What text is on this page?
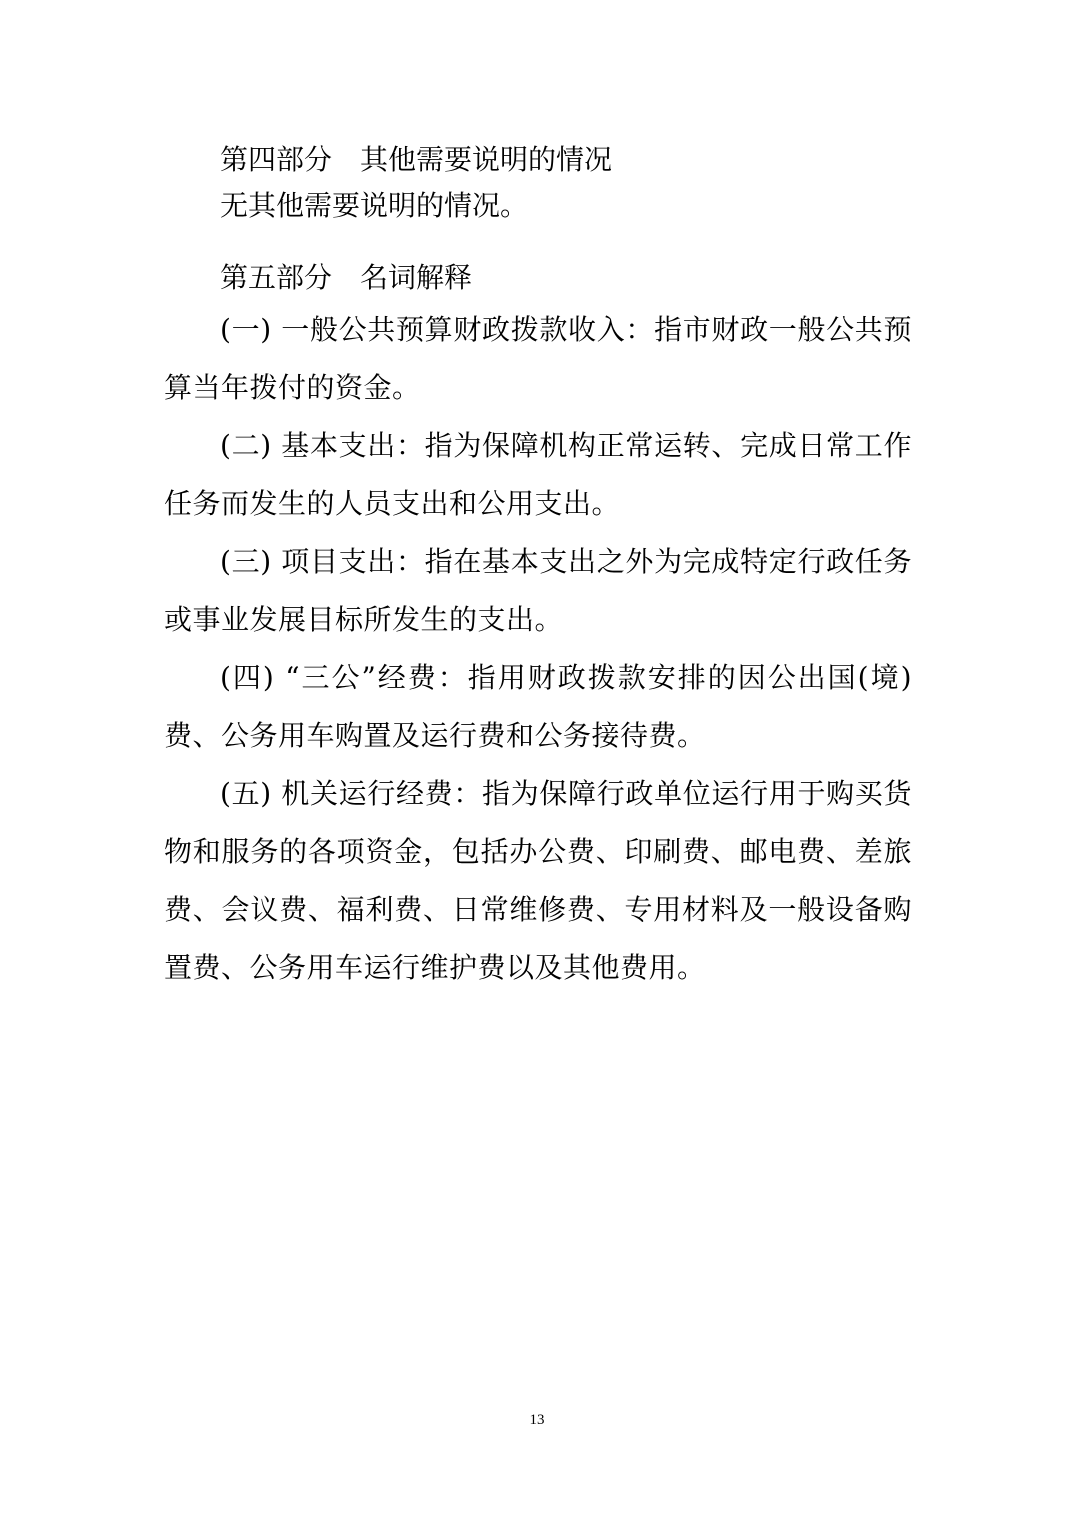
第四部分　其他需要说明的情况
无其他需要说明的情况。
第五部分　名词解释

(一) 一般公共预算财政拨款收入：指市财政一般公共预算当年拨付的资金。

(二) 基本支出：指为保障机构正常运转、完成日常工作任务而发生的人员支出和公用支出。

(三) 项目支出：指在基本支出之外为完成特定行政任务或事业发展目标所发生的支出。

(四) “三公”经费：指用财政拨款安排的因公出国(境)费、公务用车购置及运行费和公务接待费。

(五) 机关运行经费：指为保障行政单位运行用于购买货物和服务的各项资金，包括办公费、印刷费、邮电费、差旅费、会议费、福利费、日常维修费、专用材料及一般设备购置费、公务用车运行维护费以及其他费用。

13
